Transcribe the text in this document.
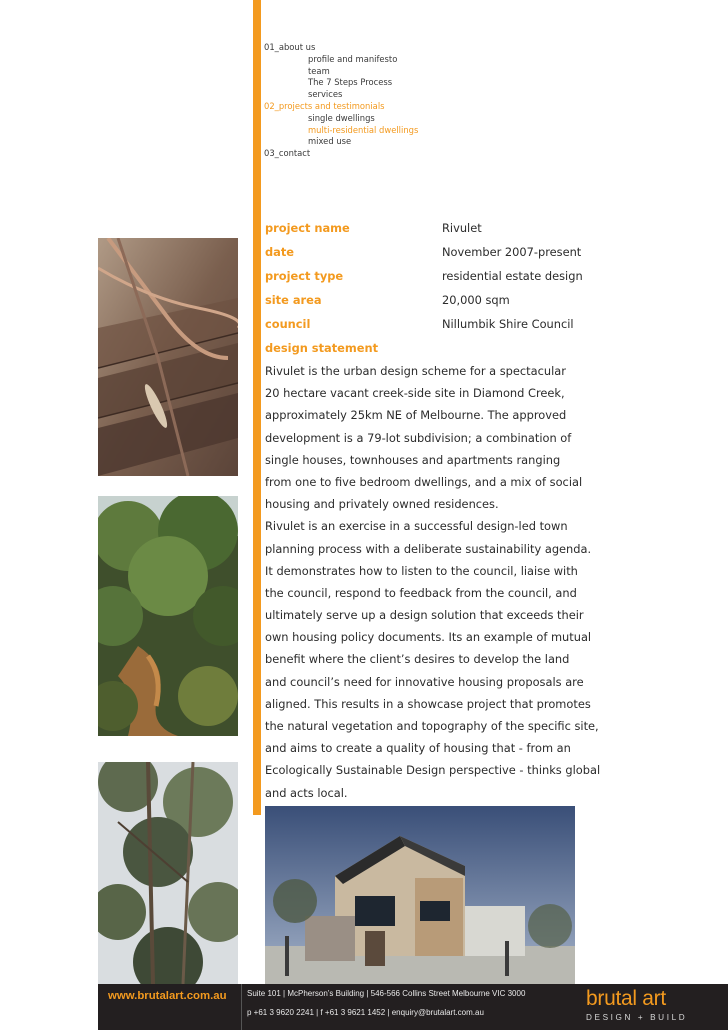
01_about us
profile and manifesto
team
The 7 Steps Process
services
02_projects and testimonials
single dwellings
multi-residential dwellings
mixed use
03_contact
project name	Rivulet
date	November 2007-present
project type	residential estate design
site area	20,000 sqm
council	Nillumbik Shire Council
design statement
Rivulet is the urban design scheme for a spectacular
20 hectare vacant creek-side site in Diamond Creek,
approximately 25km NE of Melbourne. The approved
development is a 79-lot subdivision; a combination of
single houses, townhouses and apartments ranging
from one to five bedroom dwellings, and a mix of social
housing and privately owned residences.
Rivulet is an exercise in a successful design-led town
planning process with a deliberate sustainability agenda.
It demonstrates how to listen to the council, liaise with
the council, respond to feedback from the council, and
ultimately serve up a design solution that exceeds their
own housing policy documents. Its an example of mutual
benefit where the client’s desires to develop the land
and council’s need for innovative housing proposals are
aligned. This results in a showcase project that promotes
the natural vegetation and topography of the specific site,
and aims to create a quality of housing that - from an
Ecologically Sustainable Design perspective - thinks global
and acts local.
www.brutalart.com.au	Suite 101 | McPherson’s Building | 546-566 Collins Street Melbourne VIC 3000
p +61 3 9620 2241 | f +61 3 9621 1452 | enquiry@brutalart.com.au
brutal art
DESIGN + BUILD
